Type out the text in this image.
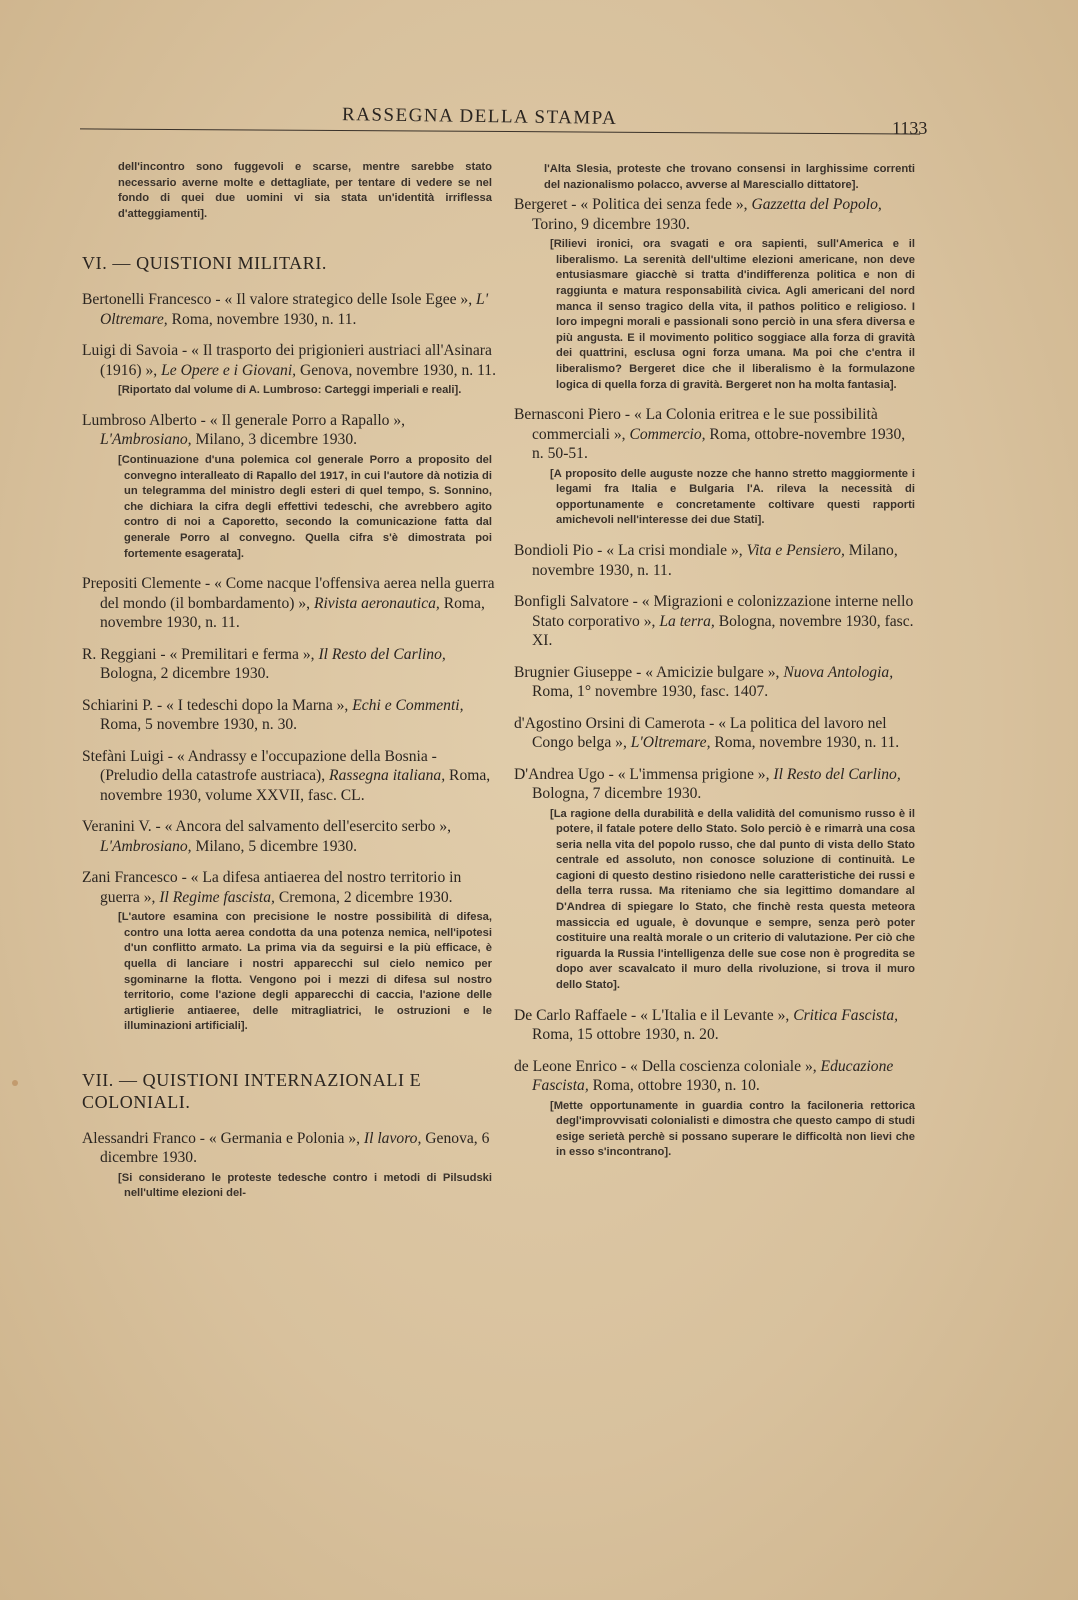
RASSEGNA DELLA STAMPA	1133
dell'incontro sono fuggevoli e scarse, mentre sarebbe stato necessario averne molte e dettagliate, per tentare di vedere se nel fondo di quei due uomini vi sia stata un'identità irriflessa d'atteggiamenti].
VI. — QUISTIONI MILITARI.
Bertonelli Francesco - « Il valore strategico delle Isole Egee », L' Oltremare, Roma, novembre 1930, n. 11.
Luigi di Savoia - « Il trasporto dei prigionieri austriaci all'Asinara (1916) », Le Opere e i Giovani, Genova, novembre 1930, n. 11.
[Riportato dal volume di A. Lumbroso: Carteggi imperiali e reali].
Lumbroso Alberto - « Il generale Porro a Rapallo », L'Ambrosiano, Milano, 3 dicembre 1930.
[Continuazione d'una polemica col generale Porro a proposito del convegno interalleato di Rapallo del 1917, in cui l'autore dà notizia di un telegramma del ministro degli esteri di quel tempo, S. Sonnino, che dichiara la cifra degli effettivi tedeschi, che avrebbero agito contro di noi a Caporetto, secondo la comunicazione fatta dal generale Porro al convegno. Quella cifra s'è dimostrata poi fortemente esagerata].
Prepositi Clemente - « Come nacque l'offensiva aerea nella guerra del mondo (il bombardamento) », Rivista aeronautica, Roma, novembre 1930, n. 11.
R. Reggiani - « Premilitari e ferma », Il Resto del Carlino, Bologna, 2 dicembre 1930.
Schiarini P. - « I tedeschi dopo la Marna », Echi e Commenti, Roma, 5 novembre 1930, n. 30.
Stefàni Luigi - « Andrassy e l'occupazione della Bosnia - (Preludio della catastrofe austriaca), Rassegna italiana, Roma, novembre 1930, volume XXVII, fasc. CL.
Veranini V. - « Ancora del salvamento dell'esercito serbo », L'Ambrosiano, Milano, 5 dicembre 1930.
Zani Francesco - « La difesa antiaerea del nostro territorio in guerra », Il Regime fascista, Cremona, 2 dicembre 1930.
[L'autore esamina con precisione le nostre possibilità di difesa, contro una lotta aerea condotta da una potenza nemica, nell'ipotesi d'un conflitto armato. La prima via da seguirsi e la più efficace, è quella di lanciare i nostri apparecchi sul cielo nemico per sgominarne la flotta. Vengono poi i mezzi di difesa sul nostro territorio, come l'azione degli apparecchi di caccia, l'azione delle artiglierie antiaeree, delle mitragliatrici, le ostruzioni e le illuminazioni artificiali].
VII. — QUISTIONI INTERNAZIONALI E COLONIALI.
Alessandri Franco - « Germania e Polonia », Il lavoro, Genova, 6 dicembre 1930.
[Si considerano le proteste tedesche contro i metodi di Pilsudski nell'ultime elezioni del-
l'Alta Slesia, proteste che trovano consensi in larghissime correnti del nazionalismo polacco, avverse al Maresciallo dittatore].
Bergeret - « Politica dei senza fede », Gazzetta del Popolo, Torino, 9 dicembre 1930.
[Rilievi ironici, ora svagati e ora sapienti, sull'America e il liberalismo. La serenità dell'ultime elezioni americane, non deve entusiasmare giacchè si tratta d'indifferenza politica e non di raggiunta e matura responsabilità civica. Agli americani del nord manca il senso tragico della vita, il pathos politico e religioso. I loro impegni morali e passionali sono perciò in una sfera diversa e più angusta. E il movimento politico soggiace alla forza di gravità dei quattrini, esclusa ogni forza umana. Ma poi che c'entra il liberalismo? Bergeret dice che il liberalismo è la formulazone logica di quella forza di gravità. Bergeret non ha molta fantasia].
Bernasconi Piero - « La Colonia eritrea e le sue possibilità commerciali », Commercio, Roma, ottobre-novembre 1930, n. 50-51.
[A proposito delle auguste nozze che hanno stretto maggiormente i legami fra Italia e Bulgaria l'A. rileva la necessità di opportunamente e concretamente coltivare questi rapporti amichevoli nell'interesse dei due Stati].
Bondioli Pio - « La crisi mondiale », Vita e Pensiero, Milano, novembre 1930, n. 11.
Bonfigli Salvatore - « Migrazioni e colonizzazione interne nello Stato corporativo », La terra, Bologna, novembre 1930, fasc. XI.
Brugnier Giuseppe - « Amicizie bulgare », Nuova Antologia, Roma, 1° novembre 1930, fasc. 1407.
d'Agostino Orsini di Camerota - « La politica del lavoro nel Congo belga », L'Oltremare, Roma, novembre 1930, n. 11.
D'Andrea Ugo - « L'immensa prigione », Il Resto del Carlino, Bologna, 7 dicembre 1930.
[La ragione della durabilità e della validità del comunismo russo è il potere, il fatale potere dello Stato. Solo perciò è e rimarrà una cosa seria nella vita del popolo russo, che dal punto di vista dello Stato centrale ed assoluto, non conosce soluzione di continuità. Le cagioni di questo destino risiedono nelle caratteristiche dei russi e della terra russa. Ma riteniamo che sia legittimo domandare al D'Andrea di spiegare lo Stato, che finchè resta questa meteora massiccia ed uguale, è dovunque e sempre, senza però poter costituire una realtà morale o un criterio di valutazione. Per ciò che riguarda la Russia l'intelligenza delle sue cose non è progredita se dopo aver scavalcato il muro della rivoluzione, si trova il muro dello Stato].
De Carlo Raffaele - « L'Italia e il Levante », Critica Fascista, Roma, 15 ottobre 1930, n. 20.
de Leone Enrico - « Della coscienza coloniale », Educazione Fascista, Roma, ottobre 1930, n. 10.
[Mette opportunamente in guardia contro la faciloneria rettorica degl'improvvisati colonialisti e dimostra che questo campo di studi esige serietà perchè si possano superare le difficoltà non lievi che in esso s'incontrano].
